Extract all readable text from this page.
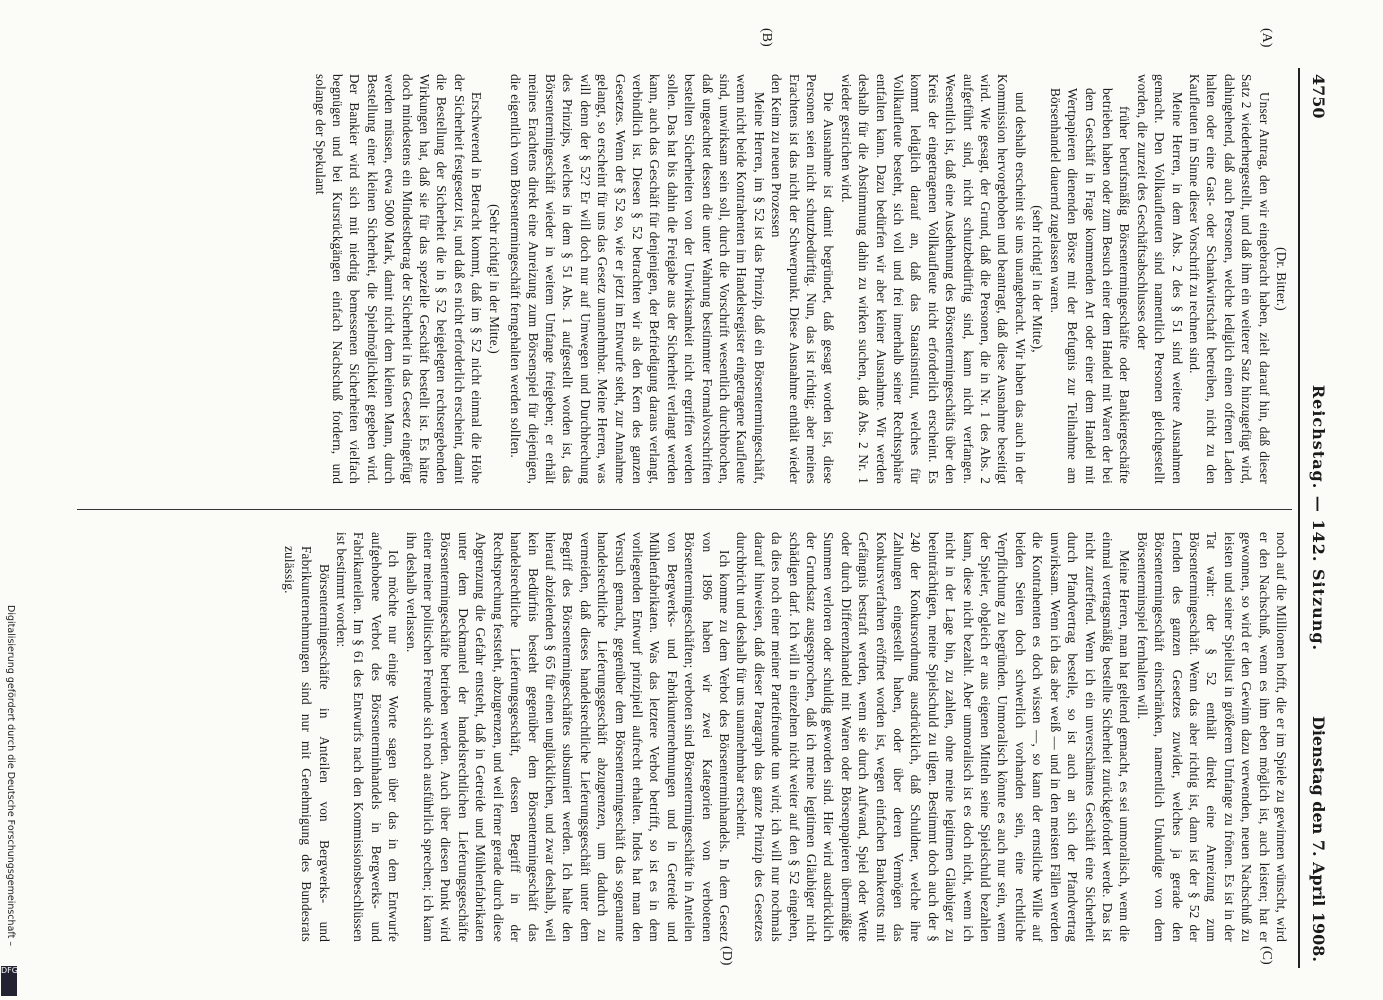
4750
Reichstag. — 142. Sitzung.
Dienstag den 7. April 1908.
(A)
(B)
(C)
(D)

(Dr. Bitter.)

Unser Antrag, den wir eingebracht haben, zielt darauf hin, daß dieser Satz 2 wiederhergestellt, und daß ihm ein weiterer Satz hinzugefügt wird, dahingehend, daß auch Personen, welche lediglich einen offenen Laden halten oder eine Gast- oder Schankwirtschaft betreiben, nicht zu den Kaufleuten im Sinne dieser Vorschrift zu rechnen sind.

Meine Herren, in dem Abs. 2 des § 51 sind weitere Ausnahmen gemacht. Den Vollkaufleuten sind namentlich Personen gleichgestellt worden, die zurzeit des Geschäftsabschlusses oder

früher berufsmäßig Börsentermingeschäfte oder Bankiergeschäfte betrieben haben oder zum Besuch einer dem Handel mit Waren der bei dem Geschäft in Frage kommenden Art oder einer dem Handel mit Wertpapieren dienenden Börse mit der Befugnis zur Teilnahme am Börsenhandel dauernd zugelassen waren.

(sehr richtig! in der Mitte),

und deshalb erscheint sie uns unangebracht. Wir haben das auch in der Kommission hervorgehoben und beantragt, daß diese Ausnahme beseitigt wird. Wie gesagt, der Grund, daß die Personen, die in Nr. 1 des Abs. 2 aufgeführt sind, nicht schutzbedürftig sind, kann nicht verfangen. Wesentlich ist, daß eine Ausdehnung des Börsentermingeschäfts über den Kreis der eingetragenen Vollkaufleute nicht erforderlich erscheint. Es kommt lediglich darauf an, daß das Staatsinstitut, welches für Vollkaufleute besteht, sich voll und frei innerhalb seiner Rechtssphäre entfalten kann. Dazu bedürfen wir aber keiner Ausnahme. Wir werden deshalb für die Abstimmung dahin zu wirken suchen, daß Abs. 2 Nr. 1 wieder gestrichen wird.

Die Ausnahme ist damit begründet, daß gesagt worden ist, diese Personen seien nicht schutzbedürftig. Nun, das ist richtig; aber meines Erachtens ist das nicht der Schwerpunkt. Diese Ausnahme enthält wieder den Keim zu neuen Prozessen

Meine Herren, im § 52 ist das Prinzip, daß ein Börsentermingeschäft, wenn nicht beide Kontrahenten im Handelsregister eingetragene Kaufleute sind, unwirksam sein soll, durch die Vorschrift wesentlich durchbrochen, daß ungeachtet dessen die unter Wahrung bestimmter Formalvorschriften bestellten Sicherheiten von der Unwirksamkeit nicht ergriffen werden sollen. Das hat bis dahin die Freigabe aus der Sicherheit verlangt werden kann, auch das Geschäft für denjenigen, der Befriedigung daraus verlangt, verbindlich ist. Diesen § 52 betrachten wir als den Kern des ganzen Gesetzes. Wenn der § 52 so, wie er jetzt im Entwurfe steht, zur Annahme gelangt, so erscheint für uns das Gesetz unannehmbar. Meine Herren, was will denn der § 52? Er will doch nur auf Umwegen und Durchbrechung des Prinzips, welches in dem § 51 Abs. 1 aufgestellt worden ist, das Börsentermingeschäft wieder in weitem Umfange freigeben; er erhält meines Erachtens direkt eine Anreizung zum Börsenspiel für diejenigen, die eigentlich vom Börsentermingeschäft ferngehalten werden sollten.

(Sehr richtig! in der Mitte.)

Erschwerend in Betracht kommt, daß im § 52 nicht einmal die Höhe der Sicherheit festgesetzt ist, und daß es nicht erforderlich erscheint, damit die Bestellung der Sicherheit die in § 52 beigelegten rechtsergebenden Wirkungen hat, daß sie für das spezielle Geschäft bestellt ist. Es hätte doch mindestens ein Mindestbetrag der Sicherheit in das Gesetz eingefügt werden müssen, etwa 5000 Mark, damit nicht dem kleinen Mann, durch Bestellung einer kleinen Sicherheit, die Spielmöglichkeit gegeben wird. Der Bankier wird sich mit niedrig bemessenen Sicherheiten vielfach begnügen und bei Kursrückgängen einfach Nachschuß fordern, und solange der Spekulant

noch auf die Millionen hofft, die er im Spiele zu gewinnen wünscht, wird er den Nachschuß, wenn es ihm eben möglich ist, auch leisten; hat er gewonnen, so wird er den Gewinn dazu verwenden, neuen Nachschuß zu leisten und seiner Spiellust in größerem Umfange zu frönen. Es ist in der Tat wahr: der § 52 enthält direkt eine Anreizung zum Börsentermingeschäft. Wenn das aber richtig ist, dann ist der § 52 der Lenden des ganzen Gesetzes zuwider, welches ja gerade den Börsentermingeschäft einschränken, namentlich Unkundige von dem Börsenterminspiel fernhalten will.

Meine Herren, man hat geltend gemacht, es sei unmoralisch, wenn die einmal vertragsmäßig bestellte Sicherheit zurückgefordert werde. Das ist nicht zutreffend. Wenn ich ein unverschämtes Geschäft eine Sicherheit durch Pfandvertrag bestelle, so ist auch an sich der Pfandvertrag unwirksam. Wenn ich das aber weiß — und in den meisten Fällen werden die Kontrahenten es doch wissen —, so kann der ernstliche Wille auf beiden Seiten doch schwerlich vorhanden sein, eine rechtliche Verpflichtung zu begründen. Unmoralisch könnte es auch nur sein, wenn der Spieler, obgleich er aus eigenen Mitteln seine Spielschuld bezahlen kann, diese nicht bezahlt. Aber unmoralisch ist es doch nicht, wenn ich nicht in der Lage bin, zu zahlen, ohne meine legitimen Gläubiger zu beeinträchtigen, meine Spielschuld zu tilgen. Bestimmt doch auch der § 240 der Konkursordnung ausdrücklich, daß Schuldner, welche ihre Zahlungen eingestellt haben, oder über deren Vermögen das Konkursverfahren eröffnet worden ist, wegen einfachen Bankerotts mit Gefängnis bestraft werden, wenn sie durch Aufwand, Spiel oder Wette oder durch Differenzhandel mit Waren oder Börsenpapieren übermäßige Summen verloren oder schuldig geworden sind. Hier wird ausdrücklich der Grundsatz ausgesprochen, daß ich meine legitimen Gläubiger nicht schädigen darf. Ich will in einzelnen nicht weiter auf den § 52 eingehen, da dies noch einer meiner Parteifreunde tun wird; ich will nur nochmals darauf hinweisen, daß dieser Paragraph das ganze Prinzip des Gesetzes durchbricht und deshalb für uns unannehmbar erscheint.

Ich komme zu dem Verbot des Börsenterminhandels. In dem Gesetz von 1896 haben wir zwei Kategorien von verbotenen Börsentermingeschäften; verboten sind Börsentermingeschäfte in Anteilen von Bergwerks- und Fabrikunternehmungen und in Getreide und Mühlenfabrikaten. Was das letztere Verbot betrifft, so ist es in dem vorliegenden Entwurf prinzipiell aufrecht erhalten. Indes hat man den Versuch gemacht, gegenüber dem Börsentermingeschäft das sogenannte handelsrechtliche Lieferungsgeschäft abzugrenzen, um dadurch zu vermeiden, daß dieses handelsrechtliche Lieferungsgeschäft unter dem Begriff des Börsentermingeschäftes subsumiert werden. Ich halte den hierauf abzielenden § 65 für einen unglücklichen, und zwar deshalb, weil kein Bedürfnis besteht gegenüber dem Börsentermingeschäft das handelsrechtliche Lieferungsgeschäft, dessen Begriff in der Rechtsprechung feststeht, abzugrenzen, und weil ferner gerade durch diese Abgrenzung die Gefahr entsteht, daß in Getreide und Mühlenfabrikaten unter dem Deckmantel der handelsrechtlichen Lieferungsgeschäfte Börsentermingeschäfte betrieben werden. Auch über diesen Punkt wird einer meiner politischen Freunde sich noch ausführlich sprechen; ich kann ihn deshalb verlassen.

Ich möchte nur einige Worte sagen über das in dem Entwurfe aufgehobene Verbot des Börsenterminhandels in Bergwerks- und Fabrikanteilen. Im § 61 des Entwurfs nach den Kommissionsbeschlüssen ist bestimmt worden:

Börsentermingeschäfte in Anteilen von Bergwerks- und Fabrikunternehmungen sind nur mit Genehmigung des Bundesrats zulässig.

Digitalisierung gefördert durch die Deutsche Forschungsgemeinschaft –
DFG
